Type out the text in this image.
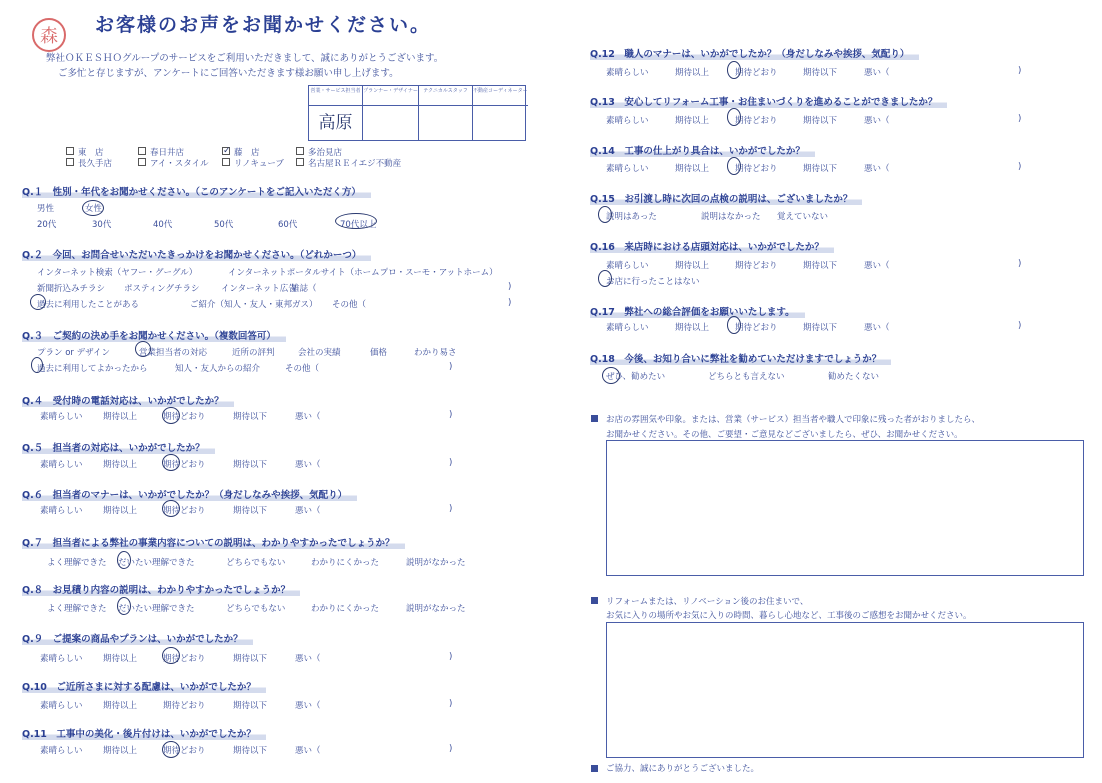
森
お客様のお声をお聞かせください。
弊社ＯＫＥＳＨＯグループのサービスをご利用いただきまして、誠にありがとうございます。
ご多忙と存じますが、アンケートにご回答いただきます様お願い申し上げます。
営業・サービス担当者 プランナー・デザイナー	テクニカルスタッフ	不動産コーディネーター
高原
東　店	春日井店	✓ 藤　店	多治見店
長久手店	アイ・スタイル	リノキューブ	名古屋ＲＥイエジ不動産
Q.１　性別・年代をお聞かせください。（このアンケートをご記入いただく方）
男性	女性
20代	30代	40代	50代	60代	70代以上
Q.２　今回、お問合せいただいたきっかけをお聞かせください。（どれかーつ）
インターネット検索（ヤフー・グーグル）	インターネットポータルサイト（ホームプロ・スーモ・アットホーム）
新聞折込みチラシ ポスティングチラシ	インターネット広告
雑誌（	)
過去に利用したことがある	ご紹介（知人・友人・東邦ガス） その他（	)
Q.３　ご契約の決め手をお聞かせください。（複数回答可）
プラン or デザイン	営業担当者の対応	近所の評判	会社の実績	価格	わかり易さ
過去に利用してよかったから	知人・友人からの紹介	その他（	)
Q.４　受付時の電話対応は、いかがでしたか？
素晴らしい 期待以上	期待どおり	期待以下	悪い（	)
Q.５　担当者の対応は、いかがでしたか？
素晴らしい 期待以上	期待どおり	期待以下	悪い（	)
Q.６　担当者のマナーは、いかがでしたか？（身だしなみや挨拶、気配り）
素晴らしい 期待以上	期待どおり	期待以下	悪い（	)
Q.７　担当者による弊社の事業内容についての説明は、わかりやすかったでしょうか？
よく理解できた だいたい理解できた	どちらでもない	わかりにくかった	説明がなかった
Q.８　お見積り内容の説明は、わかりやすかったでしょうか？
よく理解できた だいたい理解できた	どちらでもない	わかりにくかった	説明がなかった
Q.９　ご提案の商品やプランは、いかがでしたか？
素晴らしい 期待以上	期待どおり	期待以下	悪い（	)
Q.10　ご近所さまに対する配慮は、いかがでしたか？
素晴らしい 期待以上	期待どおり	期待以下	悪い（	)
Q.11　工事中の美化・後片付けは、いかがでしたか？
素晴らしい 期待以上	期待どおり	期待以下	悪い（	)
Q.12　職人のマナーは、いかがでしたか？（身だしなみや挨拶、気配り）
素晴らしい	期待以上	期待どおり	期待以下	悪い（	)
Q.13　安心してリフォーム工事・お住まいづくりを進めることができましたか？
素晴らしい	期待以上	期待どおり	期待以下	悪い（	)
Q.14　工事の仕上がり具合は、いかがでしたか？
素晴らしい	期待以上	期待どおり	期待以下	悪い（	)
Q.15　お引渡し時に次回の点検の説明は、ございましたか？
説明はあった	説明はなかった 覚えていない
Q.16　来店時における店頭対応は、いかがでしたか？
素晴らしい	期待以上	期待どおり	期待以下	悪い（	)
お店に行ったことはない
Q.17　弊社への総合評価をお願いいたします。
素晴らしい	期待以上	期待どおり	期待以下	悪い（	)
Q.18　今後、お知り合いに弊社を勧めていただけますでしょうか？
ぜひ、勧めたい	どちらとも言えない	勧めたくない
お店の雰囲気や印象。または、営業（サービス）担当者や職人で印象に残った者がおりましたら、
お聞かせください。その他、ご要望・ご意見などございましたら、ぜひ、お聞かせください。
リフォームまたは、リノベーション後のお住まいで、
お気に入りの場所やお気に入りの時間、暮らし心地など、工事後のご感想をお聞かせください。
ご協力、誠にありがとうございました。
